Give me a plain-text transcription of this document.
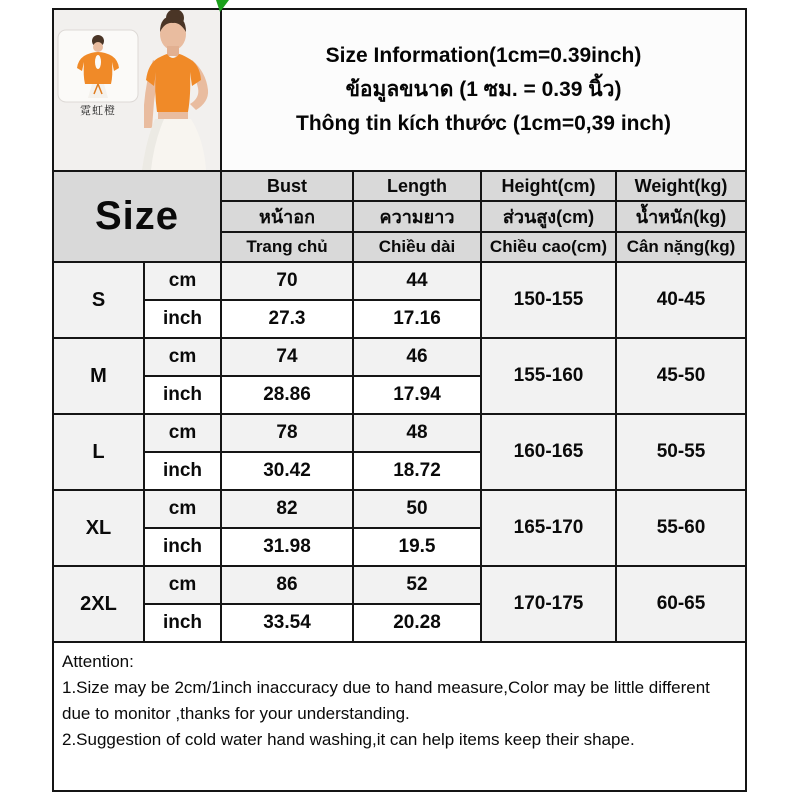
霓虹橙		Size Information(1cm=0.39inch)
ข้อมูลขนาด (1 ซม. = 0.39 นิ้ว)
Thông tin kích thước (1cm=0,39 inch)			

Size		Bust	Length	Height(cm)	Weight(kg)
		หน้าอก	ความยาว	ส่วนสูง(cm)	น้ำหนัก(kg)
		Trang chủ	Chiều dài	Chiều cao(cm)	Cân nặng(kg)
S	cm	70	44	150-155	40-45
	inch	27.3	17.16		
M	cm	74	46	155-160	45-50
	inch	28.86	17.94		
L	cm	78	48	160-165	50-55
	inch	30.42	18.72		
XL	cm	82	50	165-170	55-60
	inch	31.98	19.5		
2XL	cm	86	52	170-175	60-65
	inch	33.54	20.28		

Attention:
1.Size may be 2cm/1inch inaccuracy due to hand measure,Color may be little different due to monitor ,thanks for your understanding.
2.Suggestion of cold water hand washing,it can help items keep their shape.					
